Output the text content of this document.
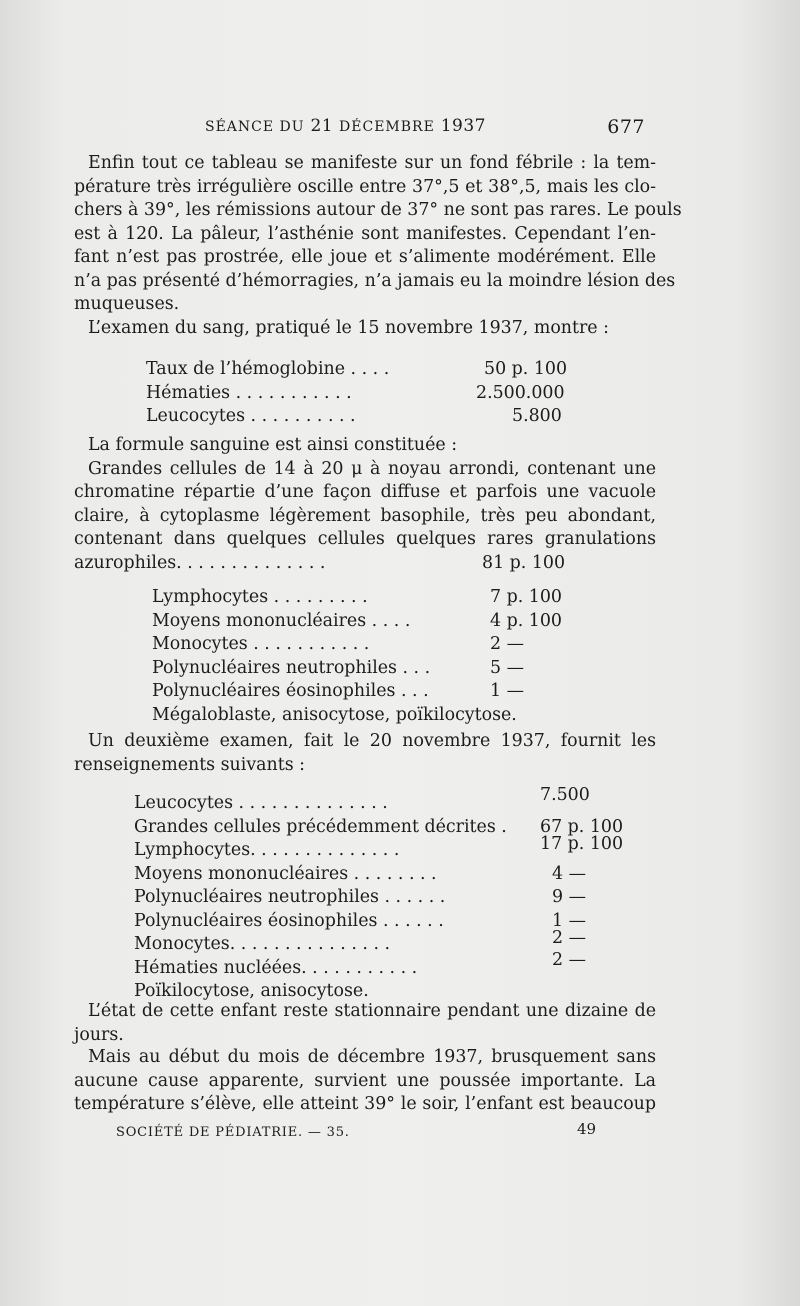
SÉANCE DU 21 DÉCEMBRE 1937	677
Enfin tout ce tableau se manifeste sur un fond fébrile : la tem-
pérature très irrégulière oscille entre 37°,5 et 38°,5, mais les clo-
chers à 39°, les rémissions autour de 37° ne sont pas rares. Le pouls
est à 120. La pâleur, l’asthénie sont manifestes. Cependant l’en-
fant n’est pas prostrée, elle joue et s’alimente modérément. Elle
n’a pas présenté d’hémorragies, n’a jamais eu la moindre lésion des
muqueuses.
L’examen du sang, pratiqué le 15 novembre 1937, montre :
Taux de l’hémoglobine . . . .	50 p. 100
Hématies . . . . . . . . . . .	2.500.000
Leucocytes . . . . . . . . . .	5.800
La formule sanguine est ainsi constituée :
Grandes cellules de 14 à 20 μ à noyau arrondi, contenant une
chromatine répartie d’une façon diffuse et parfois une vacuole
claire, à cytoplasme légèrement basophile, très peu abondant,
contenant dans quelques cellules quelques rares granulations
azurophiles. . . . . . . . . . . . . .	81 p. 100
Lymphocytes . . . . . . . . .	7 p. 100
Moyens mononucléaires . . . .	4 p. 100
Monocytes . . . . . . . . . . .	2 —
Polynucléaires neutrophiles . . .	5 —
Polynucléaires éosinophiles . . .	1 —
Mégaloblaste, anisocytose, poïkilocytose.
Un deuxième examen, fait le 20 novembre 1937, fournit les
renseignements suivants :
Leucocytes . . . . . . . . . . . . . .	7.500
Grandes cellules précédemment décrites . 67 p. 100
Lymphocytes. . . . . . . . . . . . . .	17 p. 100
Moyens mononucléaires . . . . . . . .	4 —
Polynucléaires neutrophiles . . . . . .	9 —
Polynucléaires éosinophiles . . . . . .	1 —
Monocytes. . . . . . . . . . . . . . .	2 —
Hématies nucléées. . . . . . . . . . .	2 —
Poïkilocytose, anisocytose.
L’état de cette enfant reste stationnaire pendant une dizaine de
jours.
Mais au début du mois de décembre 1937, brusquement sans
aucune cause apparente, survient une poussée importante. La
température s’élève, elle atteint 39° le soir, l’enfant est beaucoup
SOCIÉTÉ DE PÉDIATRIE. — 35.	49
